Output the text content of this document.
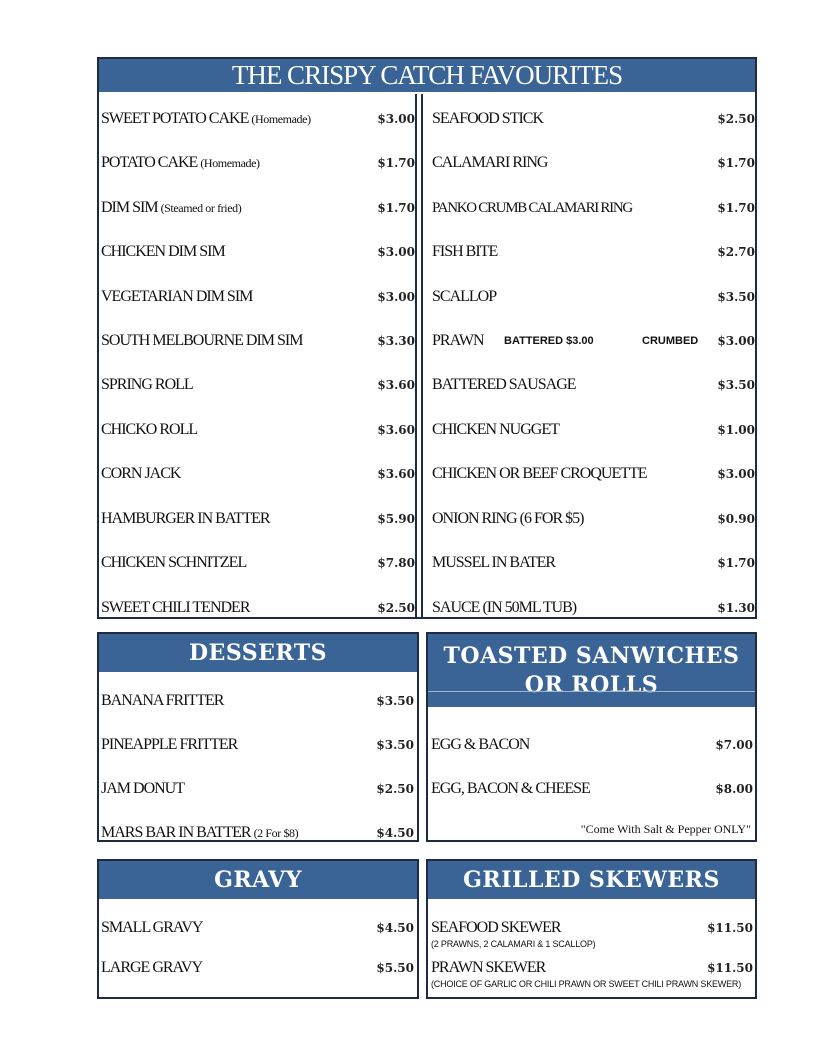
THE CRISPY CATCH FAVOURITES
SWEET POTATO CAKE (Homemade)	$3.00
POTATO CAKE (Homemade)	$1.70
DIM SIM (Steamed or fried)	$1.70
CHICKEN DIM SIM	$3.00
VEGETARIAN DIM SIM	$3.00
SOUTH MELBOURNE DIM SIM	$3.30
SPRING ROLL	$3.60
CHICKO ROLL	$3.60
CORN JACK	$3.60
HAMBURGER IN BATTER	$5.90
CHICKEN SCHNITZEL	$7.80
SWEET CHILI TENDER	$2.50
SEAFOOD STICK	$2.50
CALAMARI RING	$1.70
PANKO CRUMB CALAMARI RING	$1.70
FISH BITE	$2.70
SCALLOP	$3.50
PRAWN BATTERED $3.00	CRUMBED $3.00
BATTERED SAUSAGE	$3.50
CHICKEN NUGGET	$1.00
CHICKEN OR BEEF CROQUETTE	$3.00
ONION RING (6 FOR $5)	$0.90
MUSSEL IN BATER	$1.70
SAUCE (IN 50ML TUB)	$1.30
DESSERTS
BANANA FRITTER	$3.50
PINEAPPLE FRITTER	$3.50
JAM DONUT	$2.50
MARS BAR IN BATTER (2 For $8)	$4.50
TOASTED SANWICHES
OR ROLLS
EGG & BACON	$7.00
EGG, BACON & CHEESE	$8.00
"Come With Salt & Pepper ONLY"
GRAVY
SMALL GRAVY	$4.50
LARGE GRAVY	$5.50
GRILLED SKEWERS
SEAFOOD SKEWER	$11.50
(2 PRAWNS, 2 CALAMARI & 1 SCALLOP)
PRAWN SKEWER	$11.50
(CHOICE OF GARLIC OR CHILI PRAWN OR SWEET CHILI PRAWN SKEWER)
